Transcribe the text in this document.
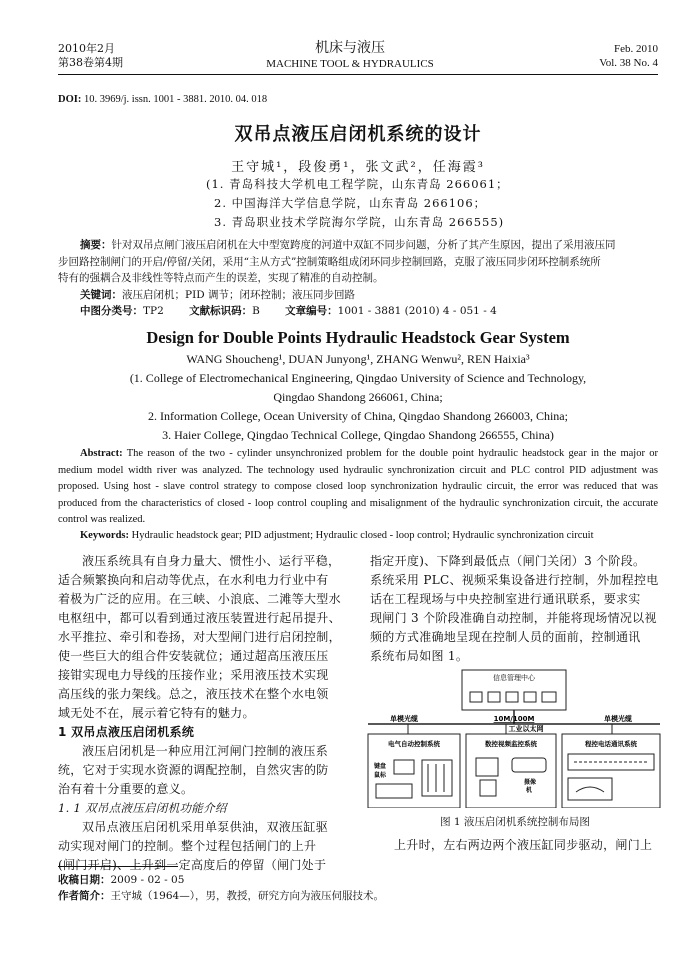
2010年2月
第38卷第4期
机床与液压
MACHINE TOOL & HYDRAULICS
Feb. 2010
Vol. 38 No. 4
DOI: 10. 3969/j. issn. 1001 - 3881. 2010. 04. 018
双吊点液压启闭机系统的设计
王守城¹，段俊勇¹，张文武²，任海霞³
(1. 青岛科技大学机电工程学院，山东青岛 266061；
2. 中国海洋大学信息学院，山东青岛 266106；
3. 青岛职业技术学院海尔学院，山东青岛 266555)
摘要：针对双吊点闸门液压启闭机在大中型宽跨度的河道中双缸不同步问题，分析了其产生原因，提出了采用液压同
步回路控制闸门的开启/停留/关闭，采用“主从方式”控制策略组成闭环同步控制回路，克服了液压同步闭环控制系统所
特有的强耦合及非线性等特点而产生的误差，实现了精准的自动控制。
关键词：液压启闭机；PID 调节；闭环控制；液压同步回路
中图分类号：TP2 文献标识码：B 文章编号：1001 - 3881 (2010) 4 - 051 - 4
Design for Double Points Hydraulic Headstock Gear System
WANG Shoucheng¹, DUAN Junyong¹, ZHANG Wenwu², REN Haixia³
(1. College of Electromechanical Engineering, Qingdao University of Science and Technology,
Qingdao Shandong 266061, China;
2. Information College, Ocean University of China, Qingdao Shandong 266003, China;
3. Haier College, Qingdao Technical College, Qingdao Shandong 266555, China)
Abstract: The reason of the two - cylinder unsynchronized problem for the double point hydraulic headstock gear in the major or medium model width river was analyzed. The technology used hydraulic synchronization circuit and PLC control PID adjustment was proposed. Using host - slave control strategy to compose closed loop synchronization hydraulic circuit, the error was reduced that was produced from the characteristics of closed - loop control coupling and misalignment of the hydraulic synchronization circuit, the accurate control was realized.
Keywords: Hydraulic headstock gear; PID adjustment; Hydraulic closed - loop control; Hydraulic synchronization circuit
液压系统具有自身力量大、惯性小、运行平稳，
适合频繁换向和启动等优点，在水利电力行业中有
着极为广泛的应用。在三峡、小浪底、二滩等大型水
电枢纽中，都可以看到通过液压装置进行起吊提升、
水平推拉、牵引和卷扬，对大型闸门进行启闭控制，
使一些巨大的组合件安装就位；通过超高压液压压
接钳实现电力导线的压接作业；采用液压技术实现
高压线的张力架线。总之，液压技术在整个水电领
域无处不在，展示着它特有的魅力。
1 双吊点液压启闭机系统
液压启闭机是一种应用江河闸门控制的液压系
统，它对于实现水资源的调配控制，自然灾害的防
治有着十分重要的意义。
1. 1 双吊点液压启闭机功能介绍
双吊点液压启闭机采用单泵供油，双液压缸驱
动实现对闸门的控制。整个过程包括闸门的上升
(闸门开启)、上升到一定高度后的停留（闸门处于
指定开度)、下降到最低点（闸门关闭）3 个阶段。
系统采用 PLC、视频采集设备进行控制，外加程控电
话在工程现场与中央控制室进行通讯联系，要求实
现闸门 3 个阶段准确自动控制，并能将现场情况以视
频的方式准确地呈现在控制人员的面前，控制通讯
系统布局如图 1。
信息管理中心
单模光缆	单模光缆
10M/100M
工业以太网
电气自动控制系统	数控视频监控系统	程控电话通讯系统
键盘
鼠标
摄像
机
图 1 液压启闭机系统控制布局图
上升时，左右两边两个液压缸同步驱动，闸门上
收稿日期：2009 - 02 - 05
作者简介：王守城（1964—），男，教授，研究方向为液压伺服技术。
